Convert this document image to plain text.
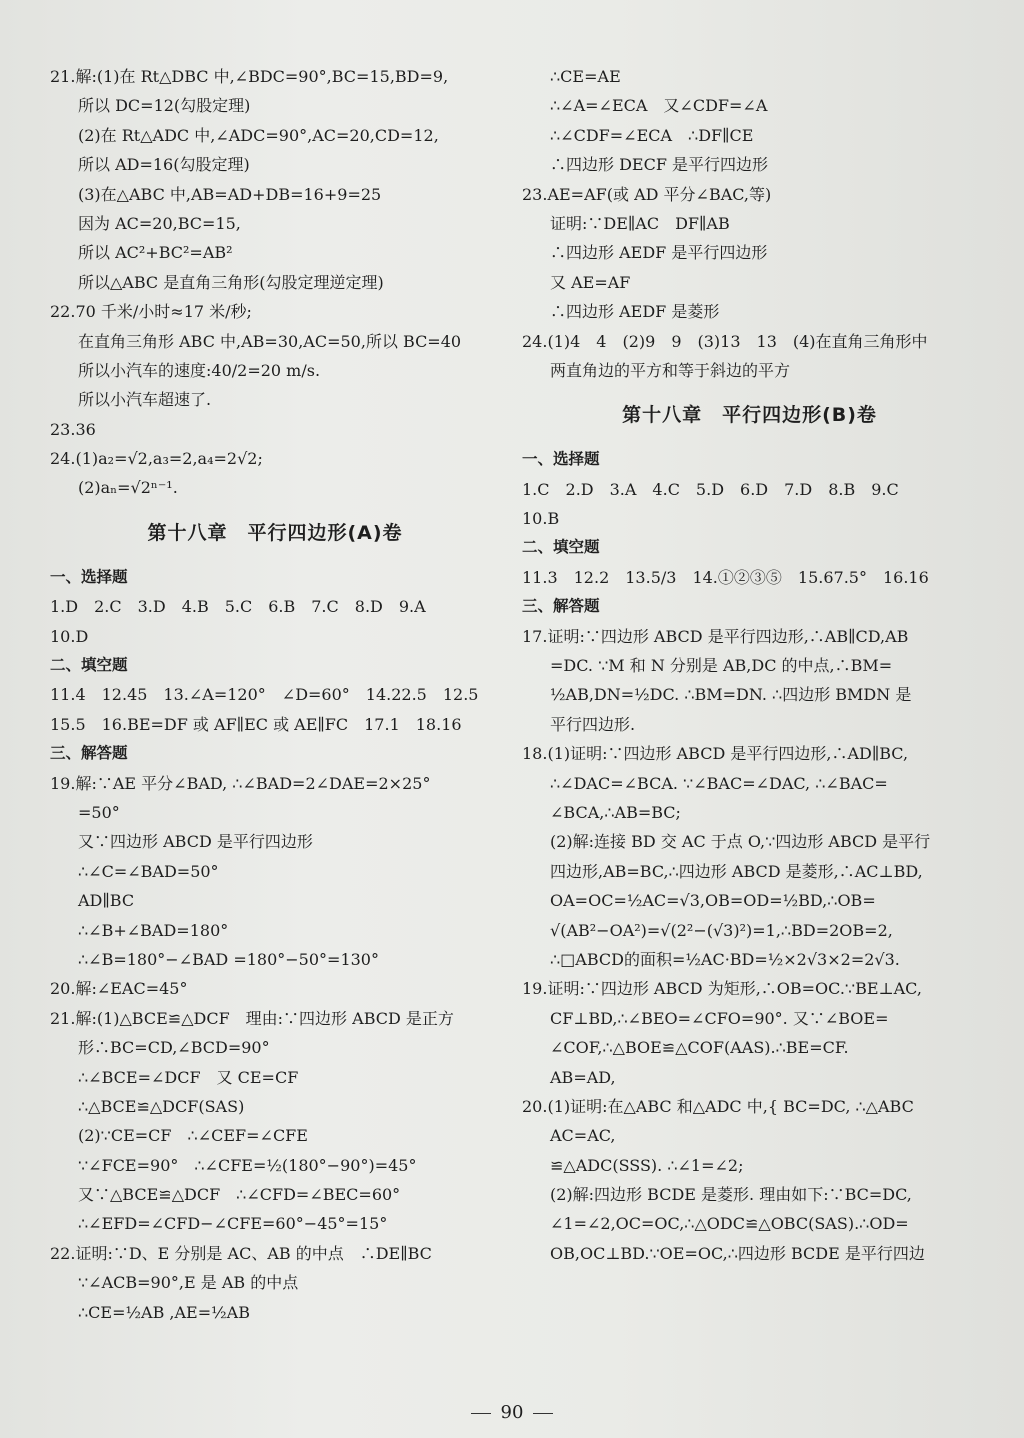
21.解:(1)在 Rt△DBC 中,∠BDC=90°,BC=15,BD=9,
所以 DC=12(勾股定理)
(2)在 Rt△ADC 中,∠ADC=90°,AC=20,CD=12,
所以 AD=16(勾股定理)
(3)在△ABC 中,AB=AD+DB=16+9=25
因为 AC=20,BC=15,
所以 AC²+BC²=AB²
所以△ABC 是直角三角形(勾股定理逆定理)
22.70 千米/小时≈17 米/秒;
在直角三角形 ABC 中,AB=30,AC=50,所以 BC=40
所以小汽车的速度:40/2=20 m/s.
所以小汽车超速了.
23.36
24.(1)a₂=√2,a₃=2,a₄=2√2;
(2)aₙ=√2ⁿ⁻¹.
第十八章　平行四边形(A)卷
一、选择题
1.D　2.C　3.D　4.B　5.C　6.B　7.C　8.D　9.A
10.D
二、填空题
11.4　12.45　13.∠A=120°　∠D=60°　14.22.5　12.5
15.5　16.BE=DF 或 AF∥EC 或 AE∥FC　17.1　18.16
三、解答题
19.解:∵AE 平分∠BAD, ∴∠BAD=2∠DAE=2×25°
=50°
又∵四边形 ABCD 是平行四边形
∴∠C=∠BAD=50°
AD∥BC
∴∠B+∠BAD=180°
∴∠B=180°−∠BAD =180°−50°=130°
20.解:∠EAC=45°
21.解:(1)△BCE≌△DCF　理由:∵四边形 ABCD 是正方
形∴BC=CD,∠BCD=90°
∴∠BCE=∠DCF　又 CE=CF
∴△BCE≌△DCF(SAS)
(2)∵CE=CF　∴∠CEF=∠CFE
∵∠FCE=90°　∴∠CFE=½(180°−90°)=45°
又∵△BCE≌△DCF　∴∠CFD=∠BEC=60°
∴∠EFD=∠CFD−∠CFE=60°−45°=15°
22.证明:∵D、E 分别是 AC、AB 的中点　∴DE∥BC
∵∠ACB=90°,E 是 AB 的中点
∴CE=½AB ,AE=½AB
∴CE=AE
∴∠A=∠ECA　又∠CDF=∠A
∴∠CDF=∠ECA　∴DF∥CE
∴四边形 DECF 是平行四边形
23.AE=AF(或 AD 平分∠BAC,等)
证明:∵DE∥AC　DF∥AB
∴四边形 AEDF 是平行四边形
又 AE=AF
∴四边形 AEDF 是菱形
24.(1)4　4　(2)9　9　(3)13　13　(4)在直角三角形中
两直角边的平方和等于斜边的平方
第十八章　平行四边形(B)卷
一、选择题
1.C　2.D　3.A　4.C　5.D　6.D　7.D　8.B　9.C
10.B
二、填空题
11.3　12.2　13.5/3　14.①②③⑤　15.67.5°　16.16
三、解答题
17.证明:∵四边形 ABCD 是平行四边形,∴AB∥CD,AB
=DC. ∵M 和 N 分别是 AB,DC 的中点,∴BM=
½AB,DN=½DC. ∴BM=DN. ∴四边形 BMDN 是
平行四边形.
18.(1)证明:∵四边形 ABCD 是平行四边形,∴AD∥BC,
∴∠DAC=∠BCA. ∵∠BAC=∠DAC, ∴∠BAC=
∠BCA,∴AB=BC;
(2)解:连接 BD 交 AC 于点 O,∵四边形 ABCD 是平行
四边形,AB=BC,∴四边形 ABCD 是菱形,∴AC⊥BD,
OA=OC=½AC=√3,OB=OD=½BD,∴OB=
√(AB²−OA²)=√(2²−(√3)²)=1,∴BD=2OB=2,
∴□ABCD的面积=½AC·BD=½×2√3×2=2√3.
19.证明:∵四边形 ABCD 为矩形,∴OB=OC.∵BE⊥AC,
CF⊥BD,∴∠BEO=∠CFO=90°. 又∵∠BOE=
∠COF,∴△BOE≌△COF(AAS).∴BE=CF.
AB=AD,
20.(1)证明:在△ABC 和△ADC 中,{ BC=DC, ∴△ABC
AC=AC,
≌△ADC(SSS). ∴∠1=∠2;
(2)解:四边形 BCDE 是菱形. 理由如下:∵BC=DC,
∠1=∠2,OC=OC,∴△ODC≌△OBC(SAS).∴OD=
OB,OC⊥BD.∵OE=OC,∴四边形 BCDE 是平行四边
90
